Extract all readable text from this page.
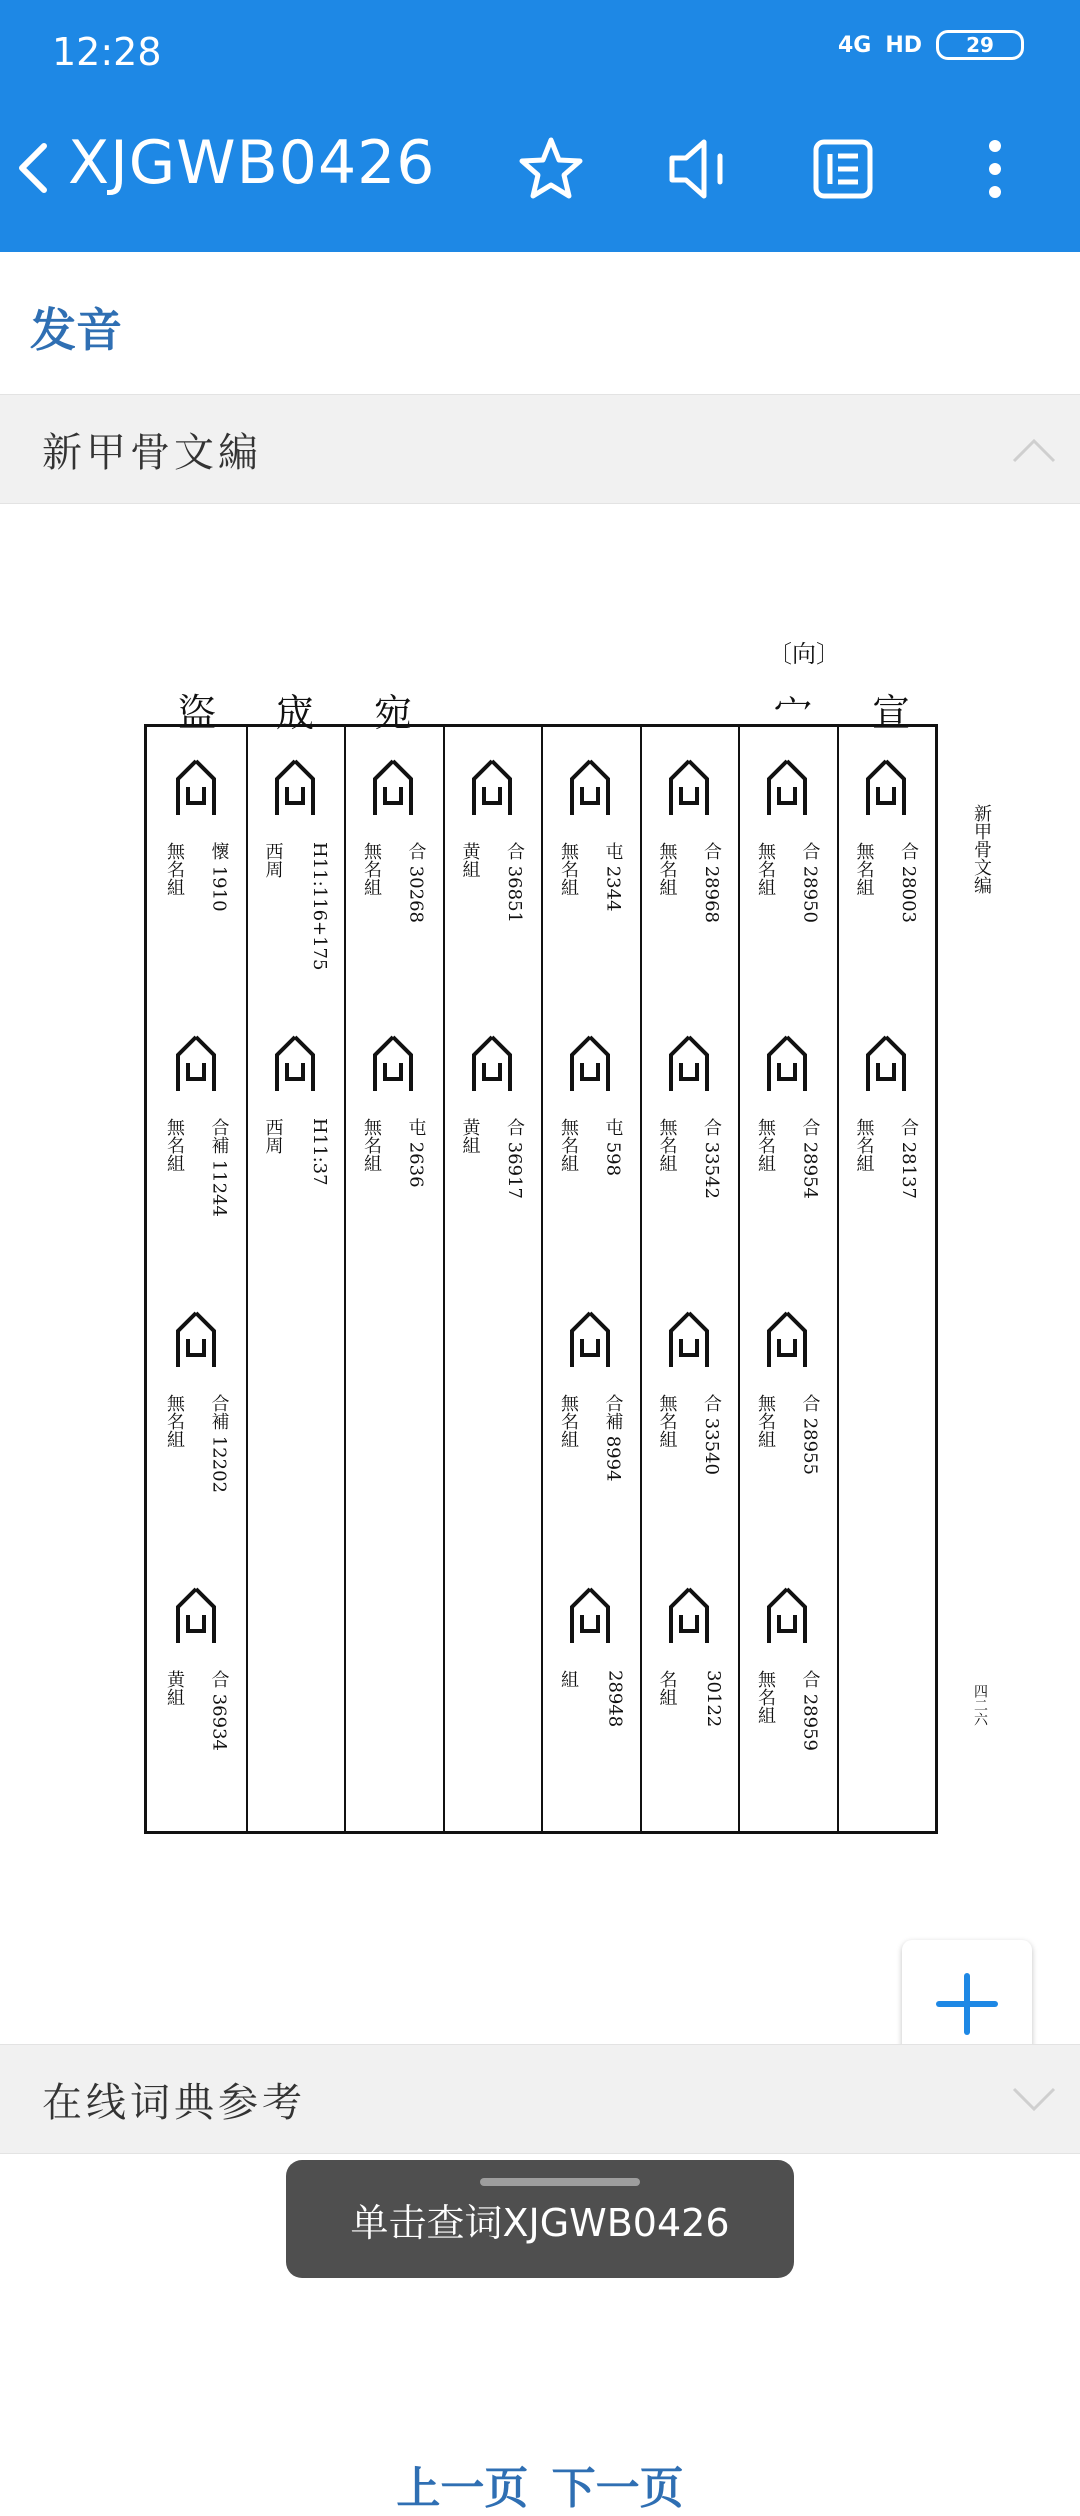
12:28	4G HD 29
XJGWB0426
发音
新甲骨文編
盜 宬 宛
〔向〕
宀 宣
懷 1910
無名組
合補 11244
無名組
合補 12202
無名組
合 36934
黄組
H11:116+175
西周
H11:37
西周
合 30268
無名組
屯 2636
無名組
合 36851
黄組
合 36917
黄組
屯 2344
無名組
屯 598
無名組
合補 8994
無名組
28948
組
合 28968
無名組
合 33542
無名組
合 33540
無名組
30122
名組
合 28950
無名組
合 28954
無名組
合 28955
無名組
合 28959
無名組
合 28003
無名組
合 28137
無名組
新甲骨文编
四二六
单击查词XJGWB0426
上一页 下一页
在线词典参考
